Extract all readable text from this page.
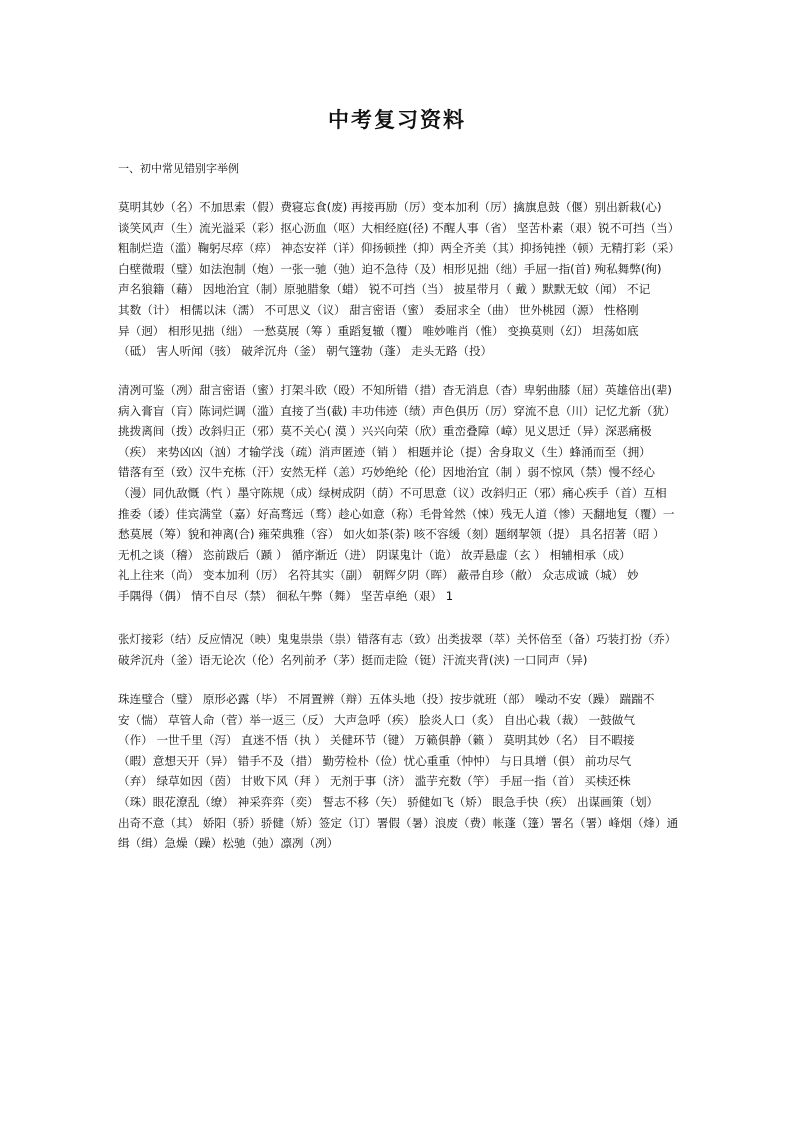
中考复习资料

一、初中常见错别字举例

莫明其妙（名）不加思索（假）费寝忘食(废) 再接再励（厉）变本加利（厉）擒旗息鼓（偃）别出新栽(心)
谈笑风声（生）流光溢采（彩）抠心沥血（呕）大相经庭(径) 不醒人事（省） 坚苦朴素（艰）锐不可挡（当）
粗制烂造（滥）鞠躬尽瘁（瘁） 神态安祥（详）仰扬顿挫（抑）两全齐美（其）抑扬钝挫（顿）无精打彩（采）
白壁微瑕（璧）如法泡制（炮）一张一驰（弛）迫不急待（及）相形见拙（绌）手屈一指(首) 殉私舞弊(徇)
声名狼籍（藉） 因地治宜（制）原驰腊象（蜡） 锐不可挡（当） 披星带月（ 戴 ）默默无蚊（闻） 不记
其数（计） 相儒以沫（濡） 不可思义（议） 甜言密语（蜜） 委屈求全（曲） 世外桃园（源） 性格刚
异（迥） 相形见拙（绌） 一愁莫展（筹 ）重蹈复辙（覆） 唯妙唯肖（惟） 变换莫则（幻） 坦荡如底
（砥） 害人听闻（骇） 破斧沉舟（釜） 朝气篷勃（蓬） 走头无路（投）

清冽可鉴（冽）甜言密语（蜜）打架斗欧（殴）不知所错（措）杳无消息（杳）卑躬曲膝（屈）英雄倍出(辈)
病入膏盲（肓）陈词烂调（滥）直接了当(截) 丰功伟迹（绩）声色俱历（厉）穿流不息（川）记忆尤新（犹）
挑拨离间（拨）改斜归正（邪）莫不关心( 漠 ）兴兴向荣（欣）重峦叠障（嶂）见义思迁（异）深恶痛极
（疾） 来势凶凶（汹）才输学浅（疏）消声匿迹（销 ） 相题并论（提）舍身取义（生）蜂涌而至（拥）
错落有至（致）汉牛充栋（汗）安然无样（恙）巧妙绝纶（伦）因地治宜（制 ）弱不惊风（禁）慢不经心
（漫）同仇敌慨（忾 ）墨守陈规（成）绿树成阴（荫）不可思意（议）改斜归正（邪）痛心疾手（首）互相
推委（诿）佳宾满堂（嘉）好高骛远（骛）趁心如意（称）毛骨耸然（悚）残无人道（惨）天翻地复（覆）一
愁莫展（筹）貌和神离(合) 雍荣典雅（容） 如火如茶(荼) 咳不容缓（刻）题纲挈领（提） 具名招著（昭 ）
无机之谈（稽） 恣前跋后（踬 ） 循序渐近（进） 阴谋鬼计（诡） 故弄悬虚（玄 ） 相辅相承（成）
礼上往来（尚） 变本加利（厉） 名符其实（副） 朝辉夕阴（晖） 蔽帚自珍（敝） 众志成诚（城） 妙
手隅得（偶） 情不自尽（禁） 徊私午弊（舞） 坚苦卓绝（艰） 1

张灯接彩（结）反应情况（映）鬼鬼祟祟（祟）错落有志（致）出类拔翠（萃）关怀倍至（备）巧装打扮（乔）
破斧沉舟（釜）语无论次（伦）名列前矛（茅）挺而走险（铤）汗流夹背(浃) 一口同声（异)

珠连璧合（璧） 原形必露（毕） 不屑置辨（辩）五体头地（投）按步就班（部） 噪动不安（躁） 踹踹不
安（惴） 草管人命（菅）举一返三（反） 大声急呼（疾） 脍炎人口（炙） 自出心栽（裁） 一鼓做气
（作） 一世千里（泻） 直迷不悟（执 ） 关健环节（键） 万籁俱静（籁 ） 莫明其妙（名） 目不暇接
（暇）意想天开（异） 错手不及（措） 勤劳检朴（俭）忧心重重（忡忡） 与日具增（俱） 前功尽气
（弃） 绿草如因（茵） 甘败下风（拜 ） 无剂于事（济） 滥芋充数（竽） 手屈一指（首） 买椟还株
（珠）眼花潦乱（缭） 神采弈弈（奕） 誓志不移（矢） 骄健如飞（矫） 眼急手快（疾） 出谋画策（划）
出奇不意（其） 娇阳（骄）骄健（矫）签定（订）署假（暑）浪废（费）帐蓬（篷）署名（署）峰烟（烽）通
缉（缉）急燥（躁）松驰（弛）凛冽（冽）
